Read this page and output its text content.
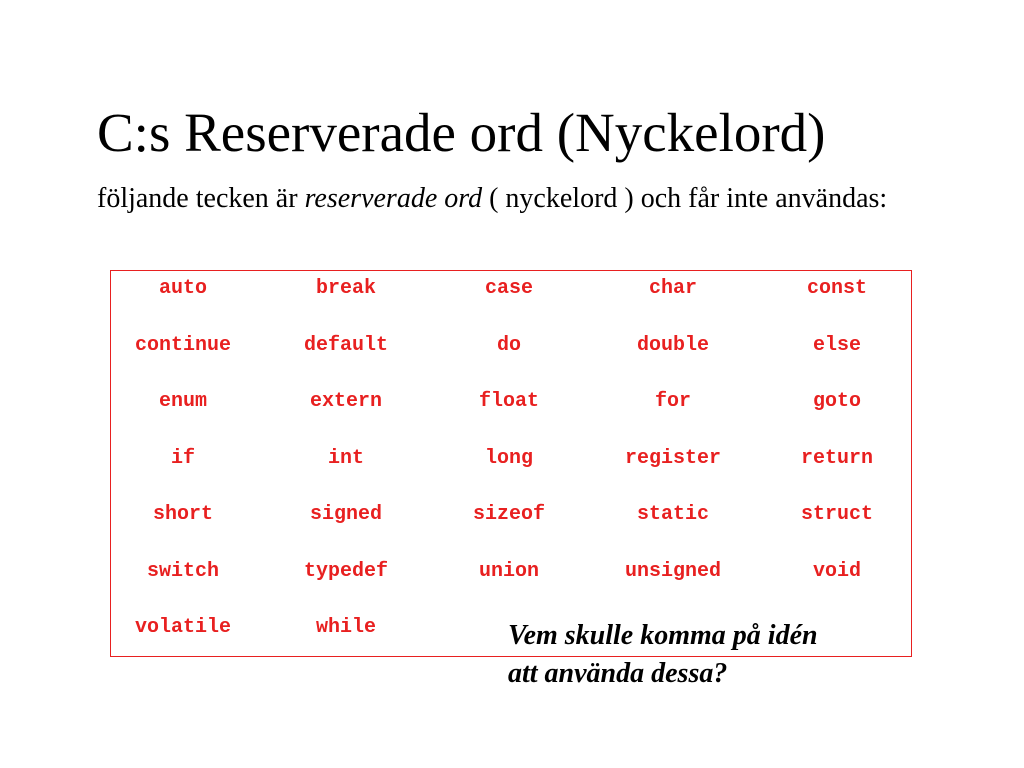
C:s Reserverade ord (Nyckelord)

följande tecken är reserverade ord ( nyckelord ) och får inte användas:

auto	break	case	char	const
continue	default	do	double	else
enum	extern	float	for	goto
if	int	long	register	return
short	signed	sizeof	static	struct
switch	typedef	union	unsigned	void
volatile	while	Vem skulle komma på idén
att använda dessa?
